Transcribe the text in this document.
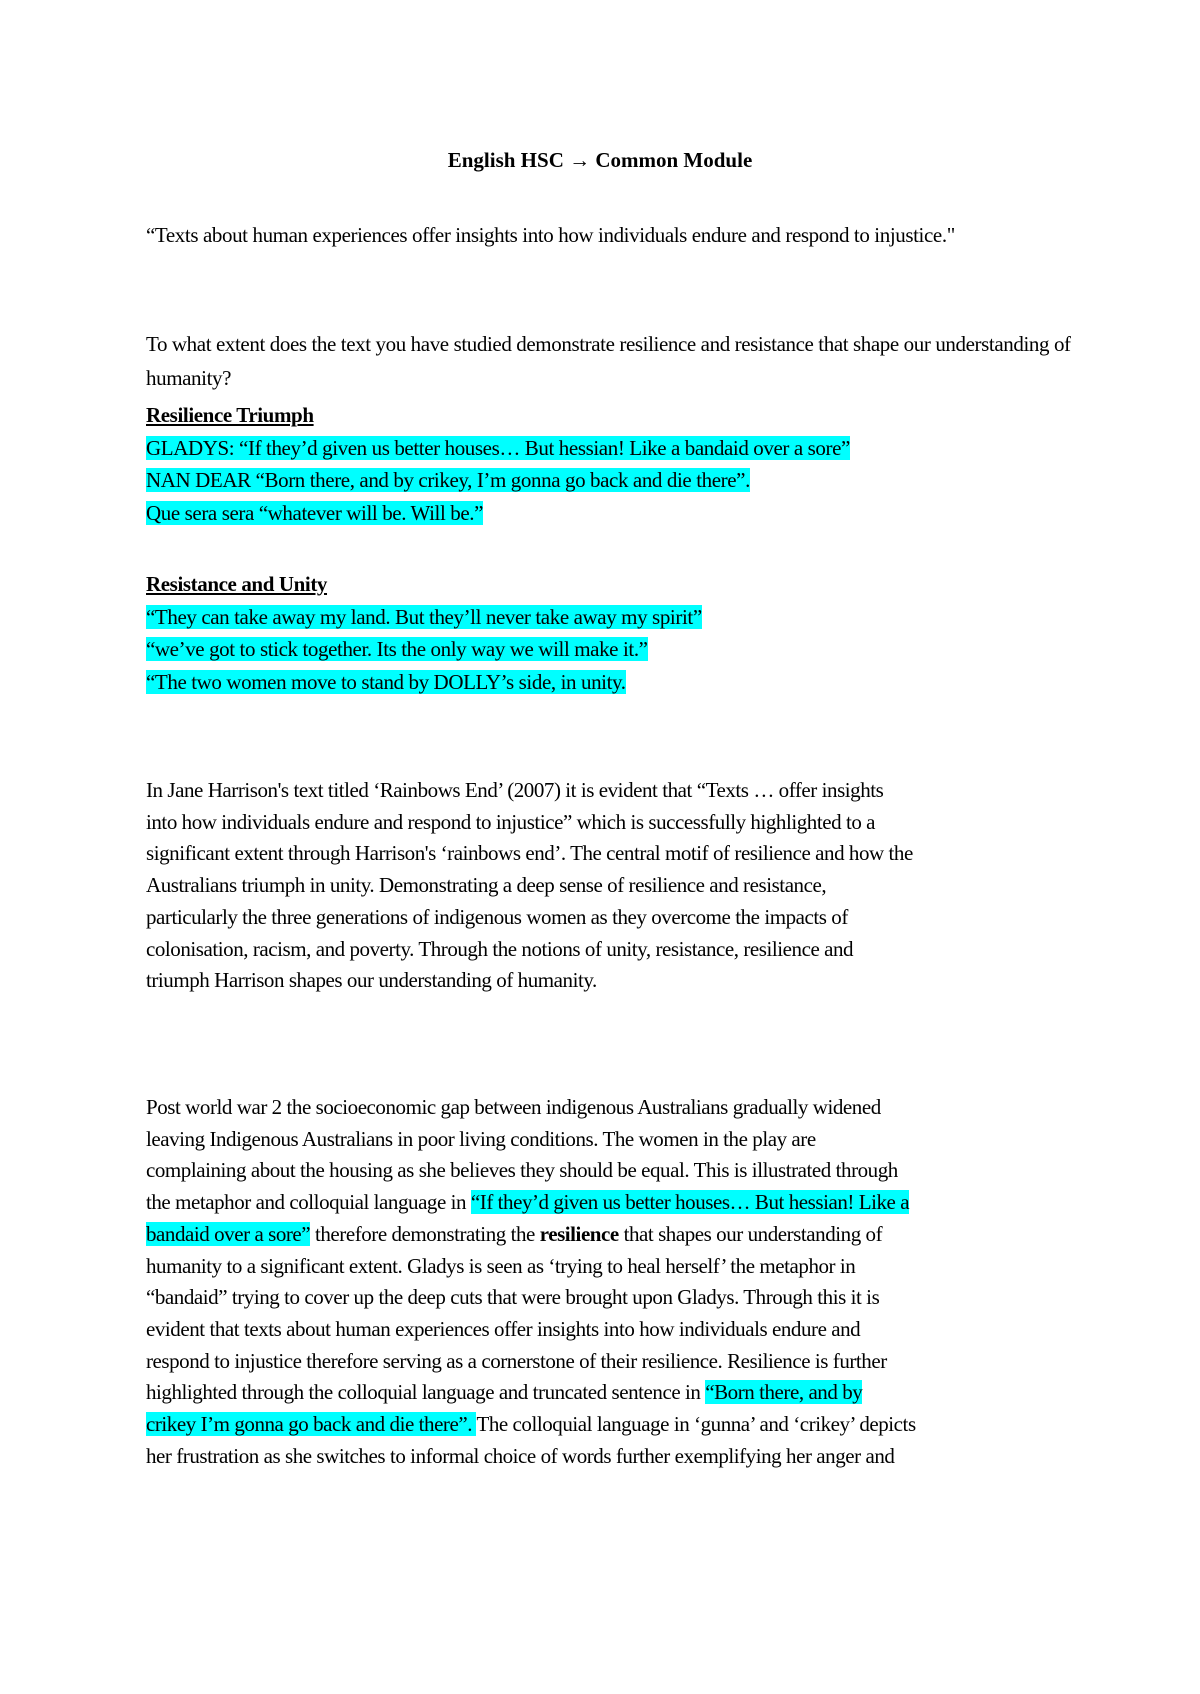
English HSC → Common Module
“Texts about human experiences offer insights into how individuals endure and respond to injustice."
To what extent does the text you have studied demonstrate resilience and resistance that shape our understanding of humanity?
Resilience Triumph
GLADYS: “If they’d given us better houses… But hessian! Like a bandaid over a sore”
NAN DEAR “Born there, and by crikey, I’m gonna go back and die there”.
Que sera sera “whatever will be. Will be.”
Resistance and Unity
“They can take away my land. But they’ll never take away my spirit”
“we’ve got to stick together. Its the only way we will make it.”
“The two women move to stand by DOLLY’s side, in unity.
In Jane Harrison's text titled ‘Rainbows End’ (2007) it is evident that “Texts … offer insights into how individuals endure and respond to injustice” which is successfully highlighted to a significant extent through Harrison's ‘rainbows end’. The central motif of resilience and how the Australians triumph in unity. Demonstrating a deep sense of resilience and resistance, particularly the three generations of indigenous women as they overcome the impacts of colonisation, racism, and poverty. Through the notions of unity, resistance, resilience and triumph Harrison shapes our understanding of humanity.
Post world war 2 the socioeconomic gap between indigenous Australians gradually widened leaving Indigenous Australians in poor living conditions. The women in the play are complaining about the housing as she believes they should be equal. This is illustrated through the metaphor and colloquial language in “If they’d given us better houses… But hessian! Like a bandaid over a sore” therefore demonstrating the resilience that shapes our understanding of humanity to a significant extent. Gladys is seen as ‘trying to heal herself’ the metaphor in “bandaid” trying to cover up the deep cuts that were brought upon Gladys. Through this it is evident that texts about human experiences offer insights into how individuals endure and respond to injustice therefore serving as a cornerstone of their resilience. Resilience is further highlighted through the colloquial language and truncated sentence in “Born there, and by crikey I’m gonna go back and die there”. The colloquial language in ‘gunna’ and ‘crikey’ depicts her frustration as she switches to informal choice of words further exemplifying her anger and
